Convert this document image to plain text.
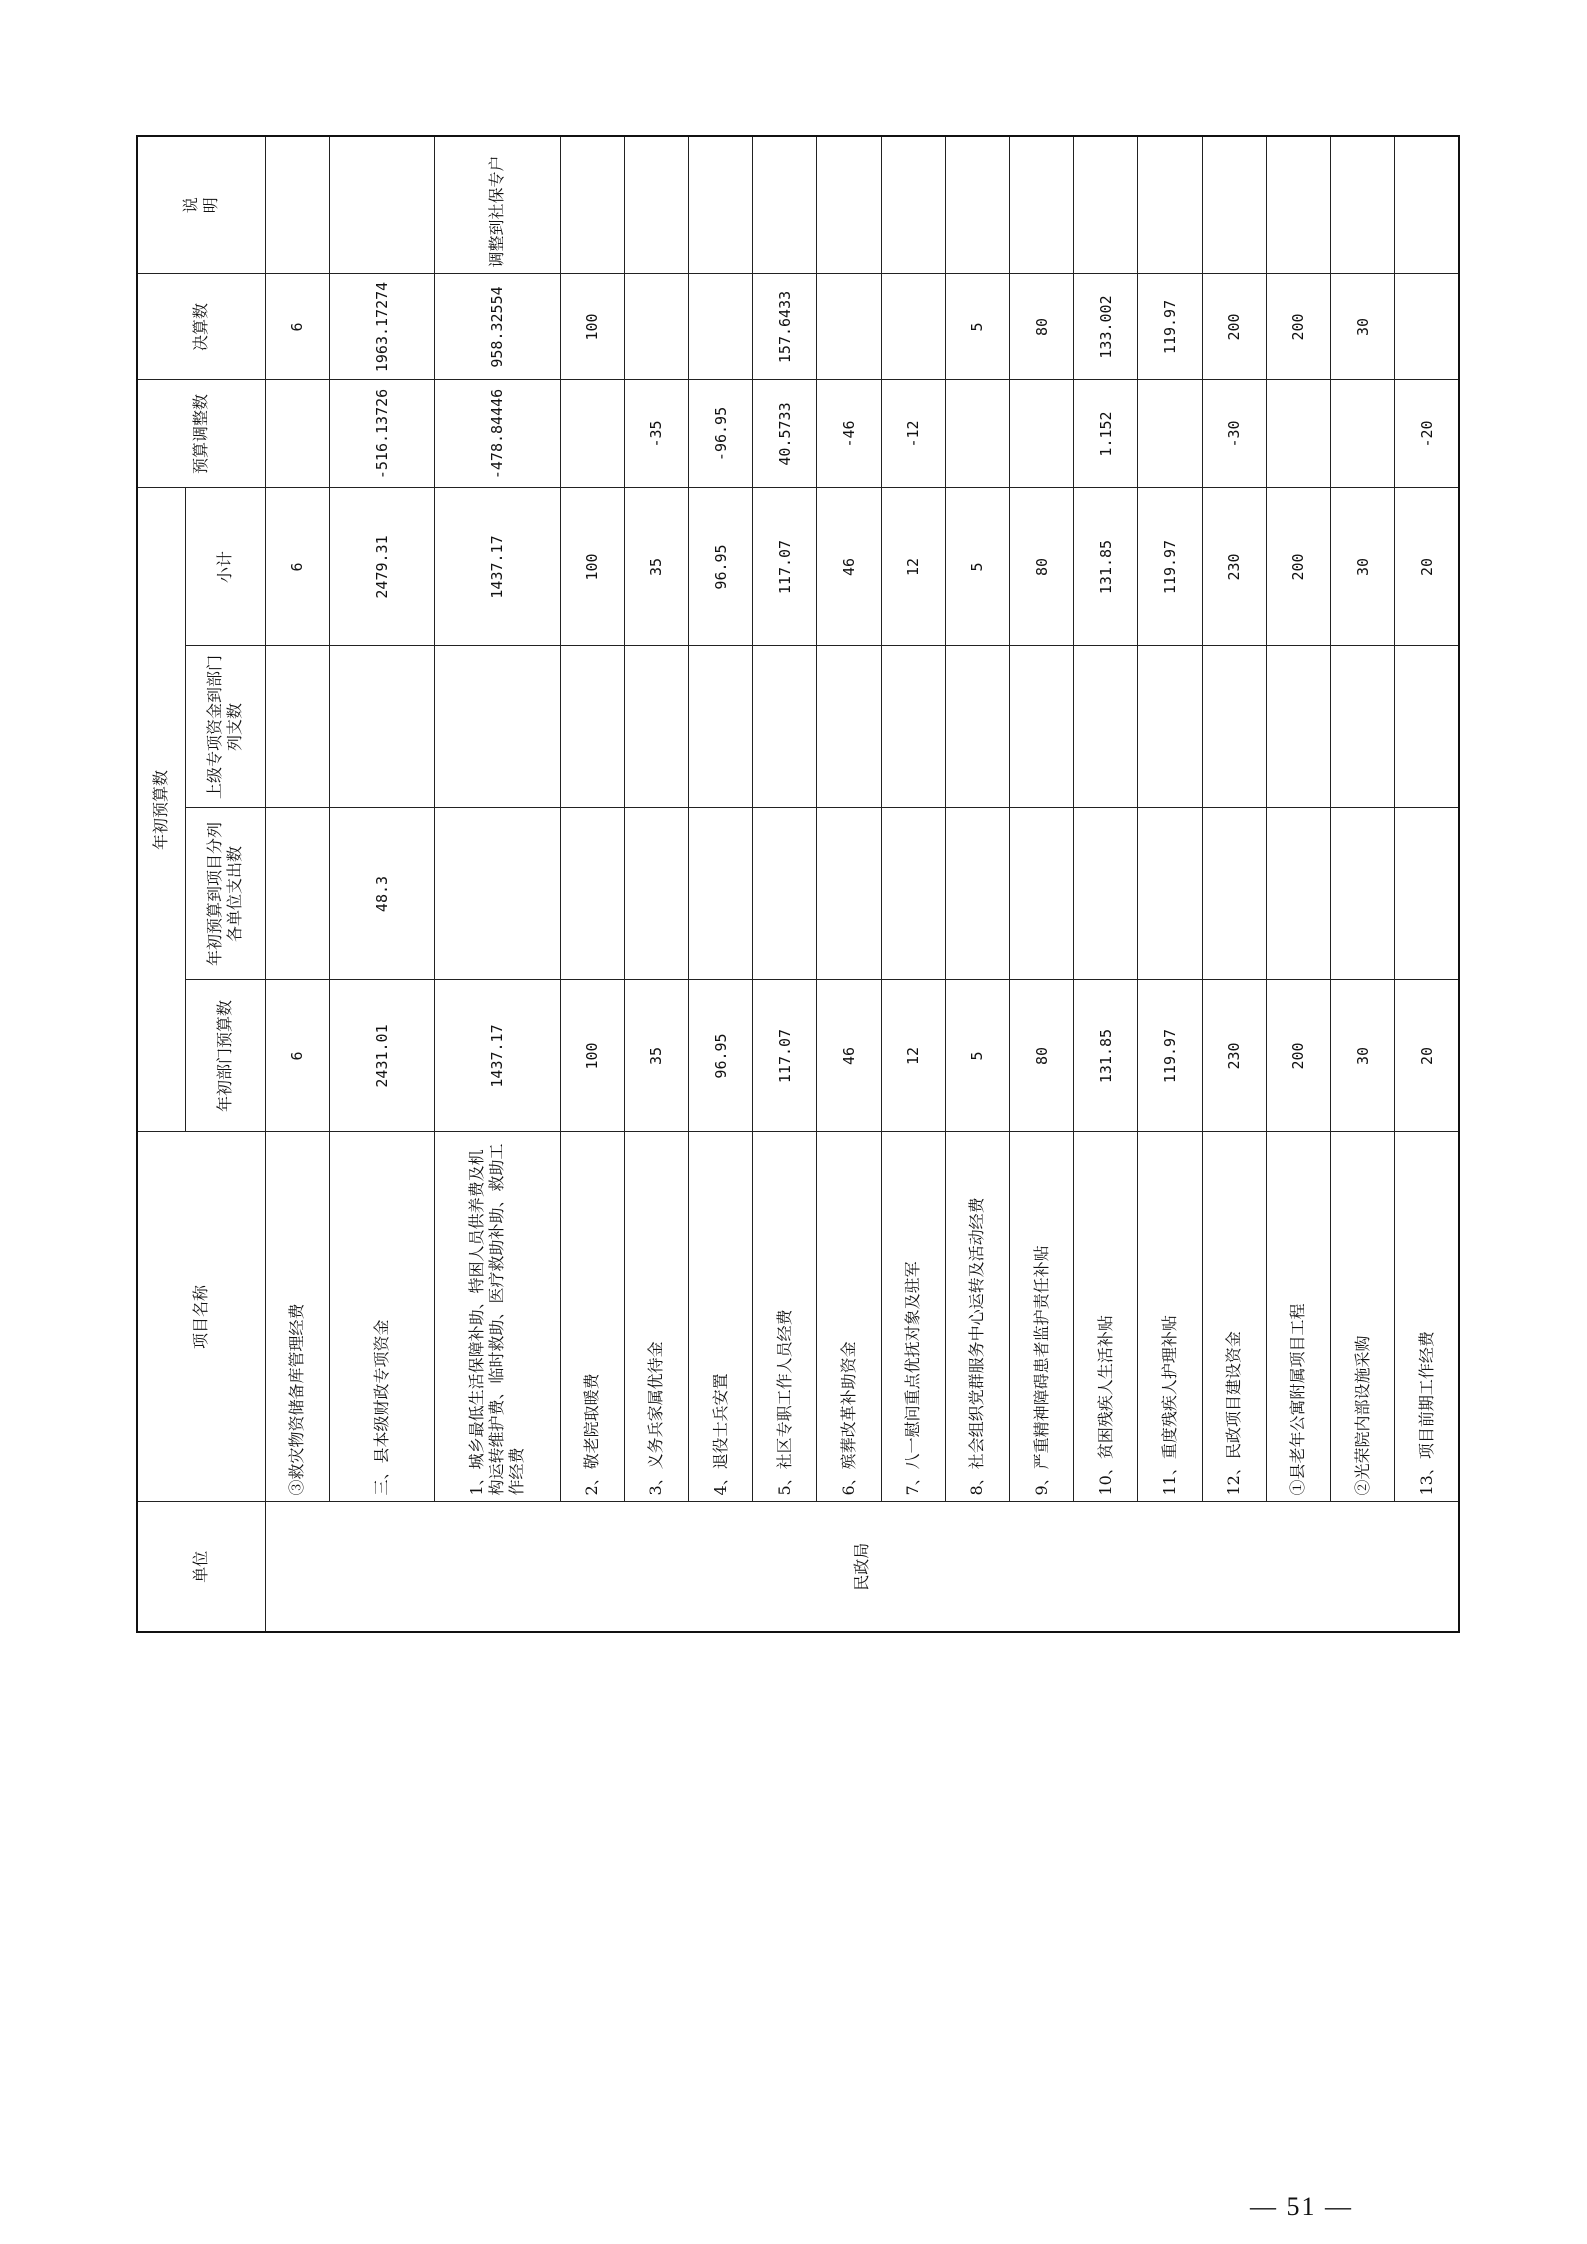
单位	项目名称	年初预算数				预算调整数	决算数	说　　　　　　　　　　　明
		年初部门预算数	年初预算到项目分列各单位支出数	上级专项资金到部门列支数	小计			
民政局	③救灾物资储备库管理经费	6			6		6	
	三、县本级财政专项资金	2431.01	48.3		2479.31	-516.13726	1963.17274	
	1、城乡最低生活保障补助、特困人员供养费及机构运转维护费、临时救助、医疗救助补助、救助工作经费	1437.17			1437.17	-478.84446	958.32554	调整到社保专户
	2、敬老院取暖费	100			100		100	
	3、义务兵家属优待金	35			35	-35		
	4、退役士兵安置	96.95			96.95	-96.95		
	5、社区专职工作人员经费	117.07			117.07	40.5733	157.6433	
	6、殡葬改革补助资金	46			46	-46		
	7、八一慰问重点优抚对象及驻军	12			12	-12		
	8、社会组织党群服务中心运转及活动经费	5			5		5	
	9、严重精神障碍患者监护责任补贴	80			80		80	
	10、贫困残疾人生活补贴	131.85			131.85	1.152	133.002	
	11、重度残疾人护理补贴	119.97			119.97		119.97	
	12、民政项目建设资金	230			230	-30	200	
	①县老年公寓附属项目工程	200			200		200	
	②光荣院内部设施采购	30			30		30	
	13、项目前期工作经费	20			20	-20		
— 51 —
